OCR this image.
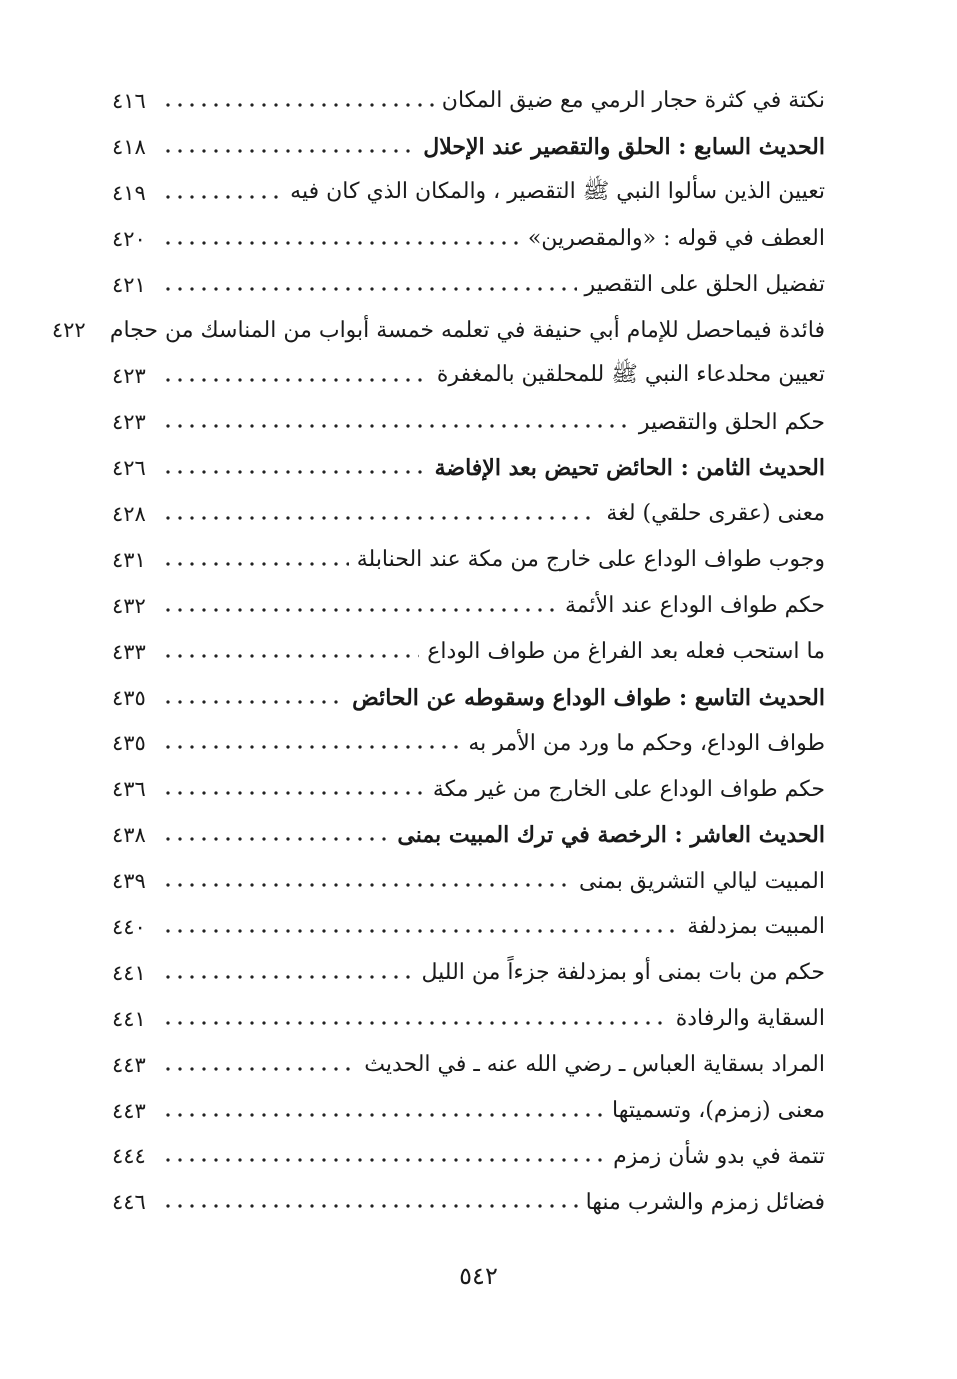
نكتة في كثرة حجار الرمي مع ضيق المكان
٤١٦
الحديث السابع : الحلق والتقصير عند الإحلال
٤١٨
تعيين الذين سألوا النبي ﷺ التقصير ، والمكان الذي كان فيه
٤١٩
العطف في قوله : «والمقصرين»
٤٢٠
تفضيل الحلق على التقصير
٤٢١
فائدة فيماحصل للإمام أبي حنيفة في تعلمه خمسة أبواب من المناسك من حجام
٤٢٢
تعيين محلدعاء النبي ﷺ للمحلقين بالمغفرة
٤٢٣
حكم الحلق والتقصير
٤٢٣
الحديث الثامن : الحائض تحيض بعد الإفاضة
٤٢٦
معنى (عقرى حلقي) لغة
٤٢٨
وجوب طواف الوداع على خارج من مكة عند الحنابلة
٤٣١
حكم طواف الوداع عند الأئمة
٤٣٢
ما استحب فعله بعد الفراغ من طواف الوداع
٤٣٣
الحديث التاسع : طواف الوداع وسقوطه عن الحائض
٤٣٥
طواف الوداع، وحكم ما ورد من الأمر به
٤٣٥
حكم طواف الوداع على الخارج من غير مكة
٤٣٦
الحديث العاشر : الرخصة في ترك المبيت بمنى
٤٣٨
المبيت ليالي التشريق بمنى
٤٣٩
المبيت بمزدلفة
٤٤٠
حكم من بات بمنى أو بمزدلفة جزءاً من الليل
٤٤١
السقاية والرفادة
٤٤١
المراد بسقاية العباس ـ رضي الله عنه ـ في الحديث
٤٤٣
معنى (زمزم)، وتسميتها
٤٤٣
تتمة في بدو شأن زمزم
٤٤٤
فضائل زمزم والشرب منها
٤٤٦
٥٤٢
